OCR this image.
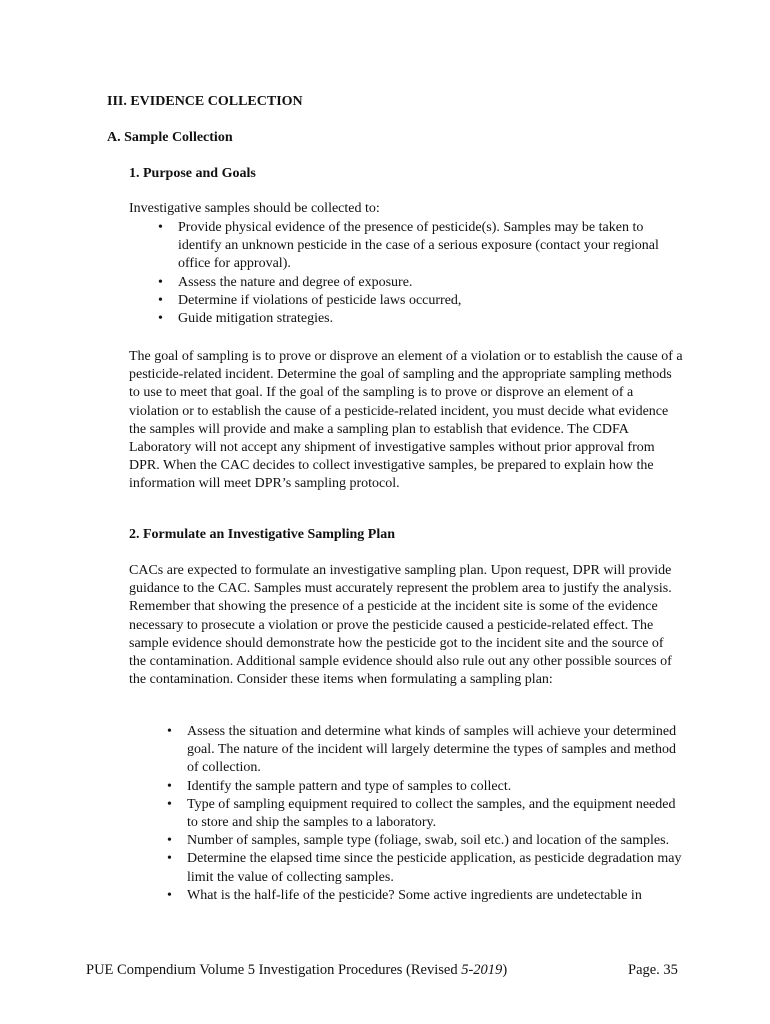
III. EVIDENCE COLLECTION
A. Sample Collection
1. Purpose and Goals
Investigative samples should be collected to:
• Provide physical evidence of the presence of pesticide(s). Samples may be taken to identify an unknown pesticide in the case of a serious exposure (contact your regional office for approval).
• Assess the nature and degree of exposure.
• Determine if violations of pesticide laws occurred,
• Guide mitigation strategies.
The goal of sampling is to prove or disprove an element of a violation or to establish the cause of a pesticide-related incident. Determine the goal of sampling and the appropriate sampling methods to use to meet that goal. If the goal of the sampling is to prove or disprove an element of a violation or to establish the cause of a pesticide-related incident, you must decide what evidence the samples will provide and make a sampling plan to establish that evidence. The CDFA Laboratory will not accept any shipment of investigative samples without prior approval from DPR. When the CAC decides to collect investigative samples, be prepared to explain how the information will meet DPR’s sampling protocol.
2. Formulate an Investigative Sampling Plan
CACs are expected to formulate an investigative sampling plan. Upon request, DPR will provide guidance to the CAC. Samples must accurately represent the problem area to justify the analysis. Remember that showing the presence of a pesticide at the incident site is some of the evidence necessary to prosecute a violation or prove the pesticide caused a pesticide-related effect. The sample evidence should demonstrate how the pesticide got to the incident site and the source of the contamination. Additional sample evidence should also rule out any other possible sources of the contamination. Consider these items when formulating a sampling plan:
• Assess the situation and determine what kinds of samples will achieve your determined goal. The nature of the incident will largely determine the types of samples and method of collection.
• Identify the sample pattern and type of samples to collect.
• Type of sampling equipment required to collect the samples, and the equipment needed to store and ship the samples to a laboratory.
• Number of samples, sample type (foliage, swab, soil etc.) and location of the samples.
• Determine the elapsed time since the pesticide application, as pesticide degradation may limit the value of collecting samples.
• What is the half-life of the pesticide? Some active ingredients are undetectable in
PUE Compendium Volume 5 Investigation Procedures (Revised 5-2019)	Page. 35
